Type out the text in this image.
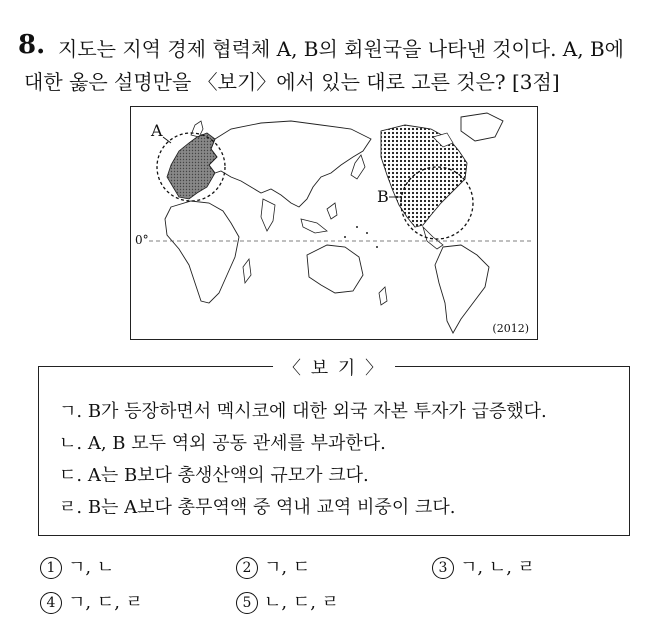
8. 지도는 지역 경제 협력체 A, B의 회원국을 나타낸 것이다. A, B에
대한 옳은 설명만을 〈보기〉에서 있는 대로 고른 것은? [3점]
A
B
0°
(2012)
〈 보 기 〉
ㄱ. B가 등장하면서 멕시코에 대한 외국 자본 투자가 급증했다.
ㄴ. A, B 모두 역외 공동 관세를 부과한다.
ㄷ. A는 B보다 총생산액의 규모가 크다.
ㄹ. B는 A보다 총무역액 중 역내 교역 비중이 크다.
1 ㄱ, ㄴ	2 ㄱ, ㄷ	3 ㄱ, ㄴ, ㄹ
4 ㄱ, ㄷ, ㄹ	5 ㄴ, ㄷ, ㄹ
